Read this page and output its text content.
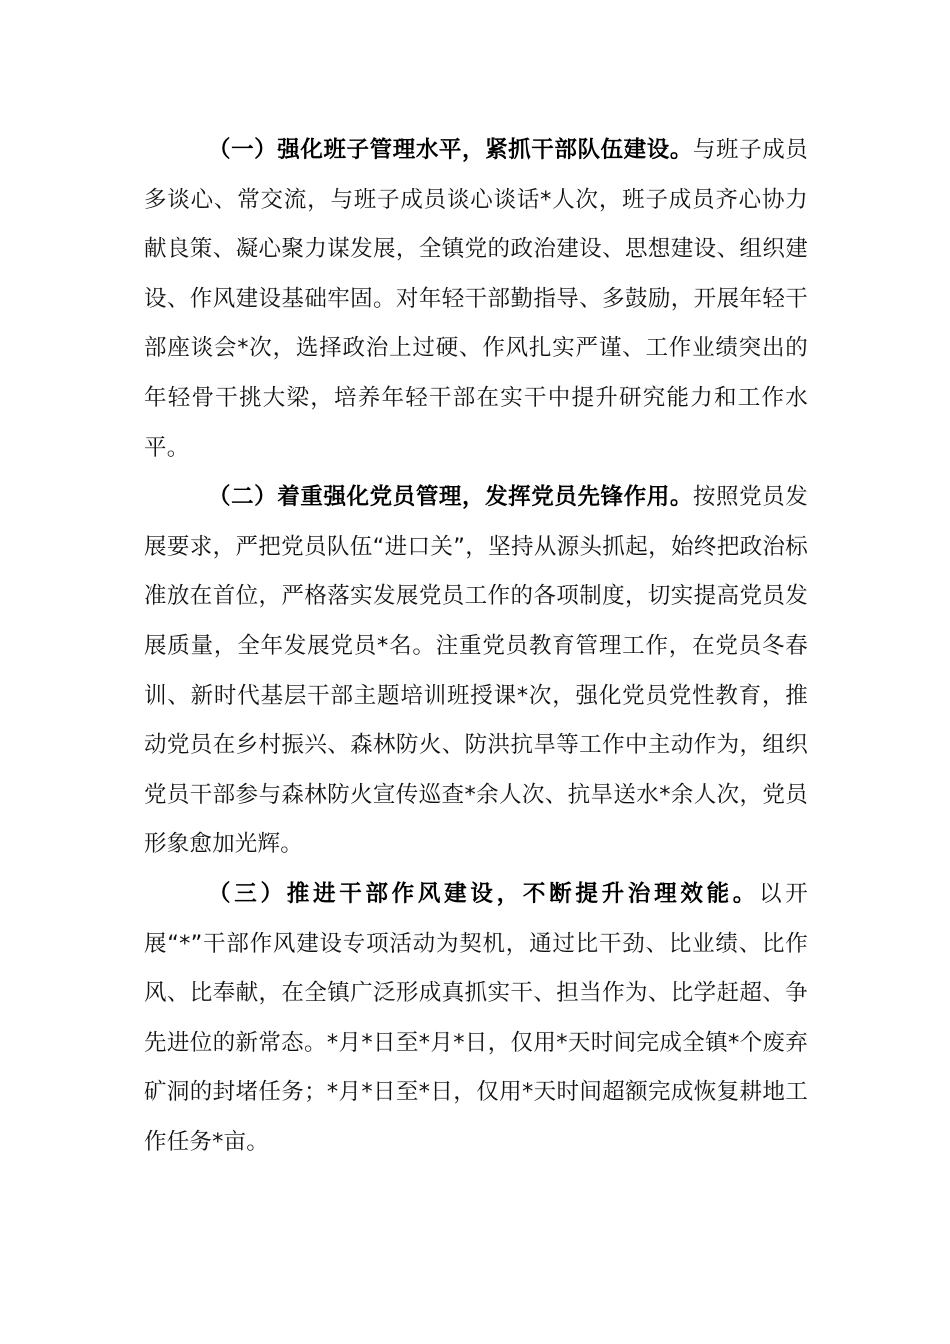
（一）强化班子管理水平，紧抓干部队伍建设。与班子成员多谈心、常交流，与班子成员谈心谈话*人次，班子成员齐心协力献良策、凝心聚力谋发展，全镇党的政治建设、思想建设、组织建设、作风建设基础牢固。对年轻干部勤指导、多鼓励，开展年轻干部座谈会*次，选择政治上过硬、作风扎实严谨、工作业绩突出的年轻骨干挑大梁，培养年轻干部在实干中提升研究能力和工作水平。

（二）着重强化党员管理，发挥党员先锋作用。按照党员发展要求，严把党员队伍“进口关”，坚持从源头抓起，始终把政治标准放在首位，严格落实发展党员工作的各项制度，切实提高党员发展质量，全年发展党员*名。注重党员教育管理工作，在党员冬春训、新时代基层干部主题培训班授课*次，强化党员党性教育，推动党员在乡村振兴、森林防火、防洪抗旱等工作中主动作为，组织党员干部参与森林防火宣传巡查*余人次、抗旱送水*余人次，党员形象愈加光辉。

（三）推进干部作风建设，不断提升治理效能。以开展“*”干部作风建设专项活动为契机，通过比干劲、比业绩、比作风、比奉献，在全镇广泛形成真抓实干、担当作为、比学赶超、争先进位的新常态。*月*日至*月*日，仅用*天时间完成全镇*个废弃矿洞的封堵任务；*月*日至*日，仅用*天时间超额完成恢复耕地工作任务*亩。
